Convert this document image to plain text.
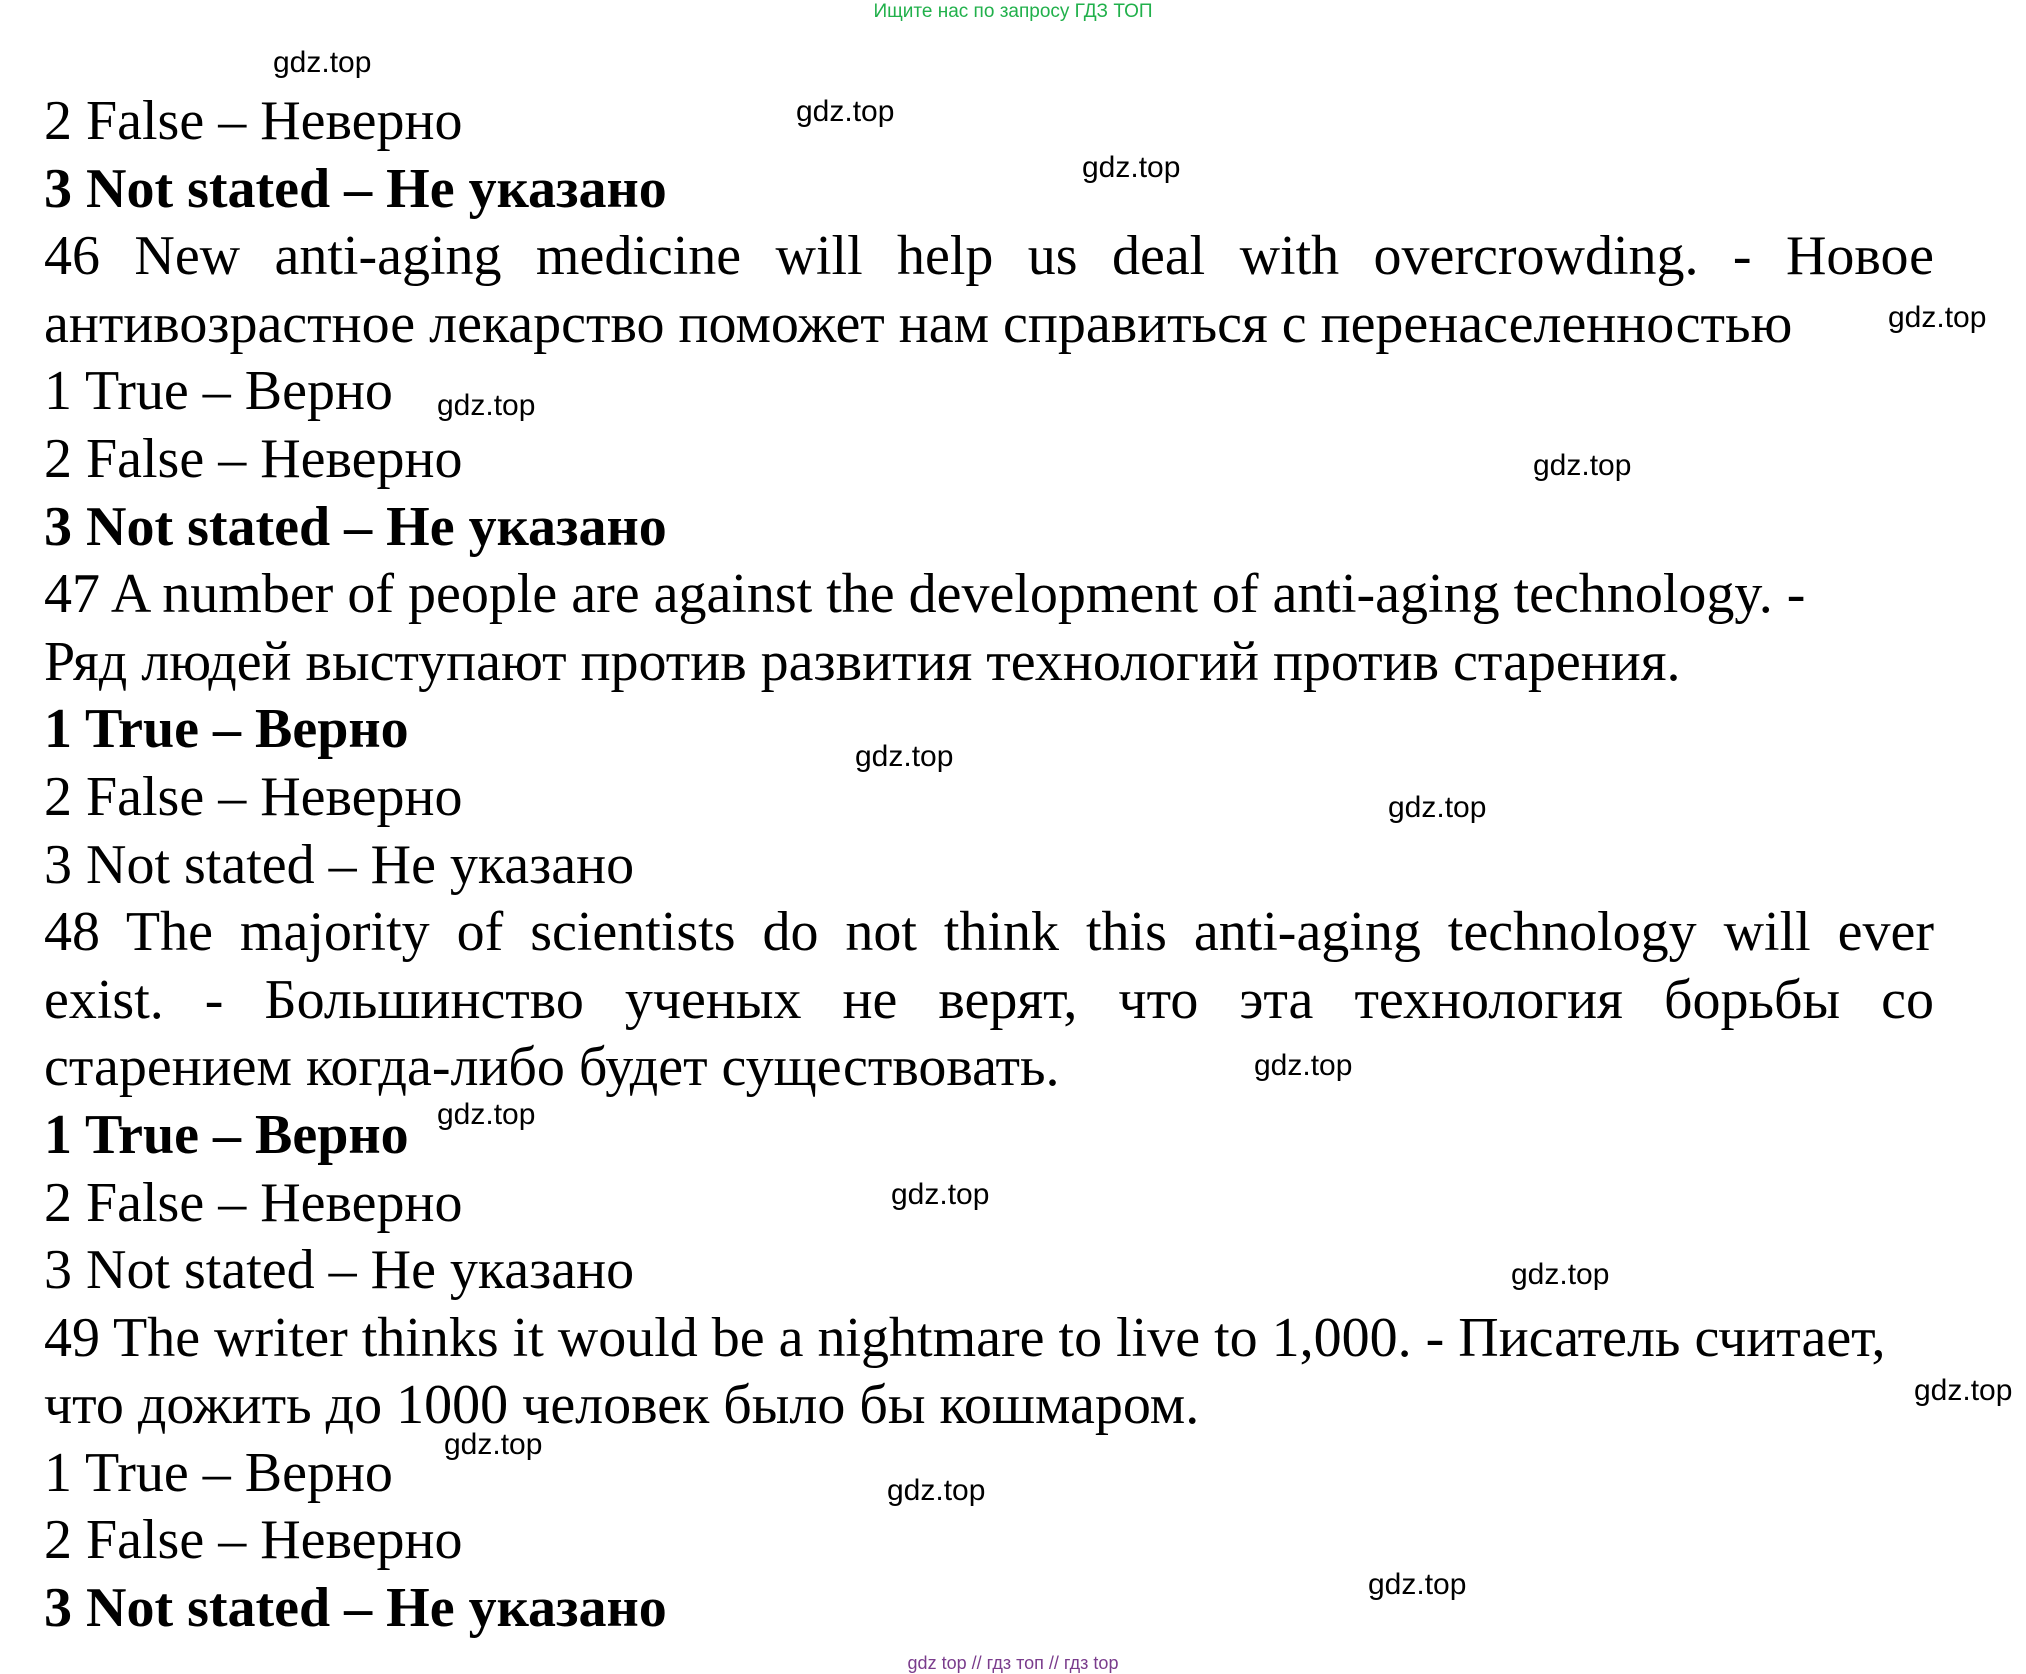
Ищите нас по запросу ГДЗ ТОП
2 False – Неверно
3 Not stated – Не указано
46 New anti-aging medicine will help us deal with overcrowding. - Новое
антивозрастное лекарство поможет нам справиться с перенаселенностью
1 True – Верно
2 False – Неверно
3 Not stated – Не указано
47 A number of people are against the development of anti-aging technology. -
Ряд людей выступают против развития технологий против старения.
1 True – Верно
2 False – Неверно
3 Not stated – Не указано
48 The majority of scientists do not think this anti-aging technology will ever
exist. - Большинство ученых не верят, что эта технология борьбы со
старением когда-либо будет существовать.
1 True – Верно
2 False – Неверно
3 Not stated – Не указано
49 The writer thinks it would be a nightmare to live to 1,000. - Писатель считает,
что дожить до 1000 человек было бы кошмаром.
1 True – Верно
2 False – Неверно
3 Not stated – Не указано
gdz.top
gdz.top
gdz.top
gdz.top
gdz.top
gdz.top
gdz.top
gdz.top
gdz.top
gdz.top
gdz.top
gdz.top
gdz.top
gdz.top
gdz.top
gdz.top
gdz top // гдз топ // гдз top
